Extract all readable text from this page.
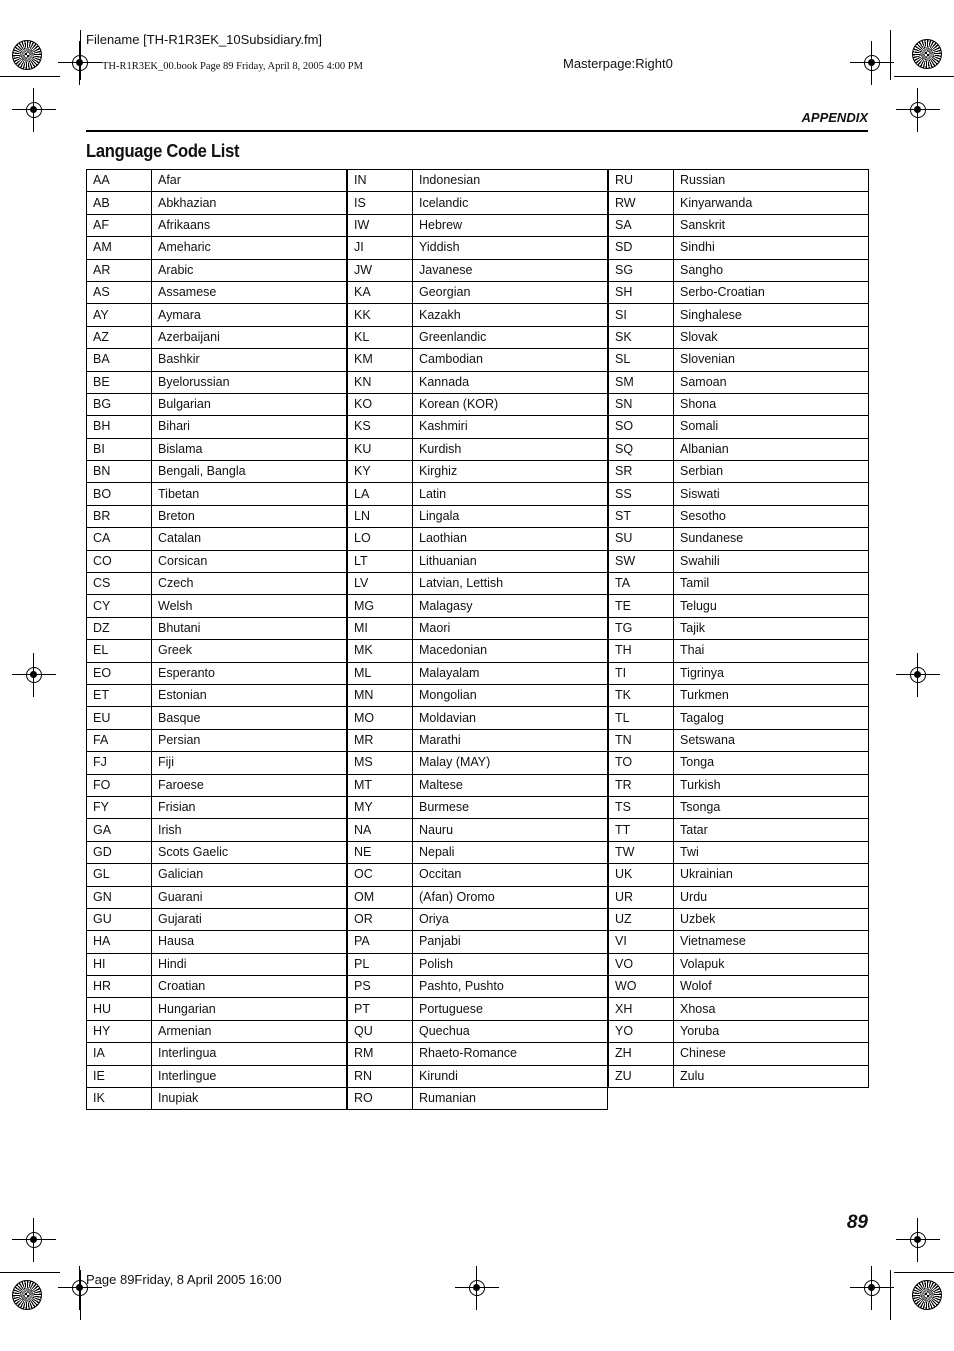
Filename [TH-R1R3EK_10Subsidiary.fm]
TH-R1R3EK_00.book Page 89 Friday, April 8, 2005 4:00 PM	Masterpage:Right0
APPENDIX
Language Code List
AA	Afar
AB	Abkhazian
AF	Afrikaans
AM	Ameharic
AR	Arabic
AS	Assamese
AY	Aymara
AZ	Azerbaijani
BA	Bashkir
BE	Byelorussian
BG	Bulgarian
BH	Bihari
BI	Bislama
BN	Bengali, Bangla
BO	Tibetan
BR	Breton
CA	Catalan
CO	Corsican
CS	Czech
CY	Welsh
DZ	Bhutani
EL	Greek
EO	Esperanto
ET	Estonian
EU	Basque
FA	Persian
FJ	Fiji
FO	Faroese
FY	Frisian
GA	Irish
GD	Scots Gaelic
GL	Galician
GN	Guarani
GU	Gujarati
HA	Hausa
HI	Hindi
HR	Croatian
HU	Hungarian
HY	Armenian
IA	Interlingua
IE	Interlingue
IK	Inupiak
IN	Indonesian
IS	Icelandic
IW	Hebrew
JI	Yiddish
JW	Javanese
KA	Georgian
KK	Kazakh
KL	Greenlandic
KM	Cambodian
KN	Kannada
KO	Korean (KOR)
KS	Kashmiri
KU	Kurdish
KY	Kirghiz
LA	Latin
LN	Lingala
LO	Laothian
LT	Lithuanian
LV	Latvian, Lettish
MG	Malagasy
MI	Maori
MK	Macedonian
ML	Malayalam
MN	Mongolian
MO	Moldavian
MR	Marathi
MS	Malay (MAY)
MT	Maltese
MY	Burmese
NA	Nauru
NE	Nepali
OC	Occitan
OM	(Afan) Oromo
OR	Oriya
PA	Panjabi
PL	Polish
PS	Pashto, Pushto
PT	Portuguese
QU	Quechua
RM	Rhaeto-Romance
RN	Kirundi
RO	Rumanian
RU	Russian
RW	Kinyarwanda
SA	Sanskrit
SD	Sindhi
SG	Sangho
SH	Serbo-Croatian
SI	Singhalese
SK	Slovak
SL	Slovenian
SM	Samoan
SN	Shona
SO	Somali
SQ	Albanian
SR	Serbian
SS	Siswati
ST	Sesotho
SU	Sundanese
SW	Swahili
TA	Tamil
TE	Telugu
TG	Tajik
TH	Thai
TI	Tigrinya
TK	Turkmen
TL	Tagalog
TN	Setswana
TO	Tonga
TR	Turkish
TS	Tsonga
TT	Tatar
TW	Twi
UK	Ukrainian
UR	Urdu
UZ	Uzbek
VI	Vietnamese
VO	Volapuk
WO	Wolof
XH	Xhosa
YO	Yoruba
ZH	Chinese
ZU	Zulu
89
Page 89Friday, 8 April 2005 16:00
